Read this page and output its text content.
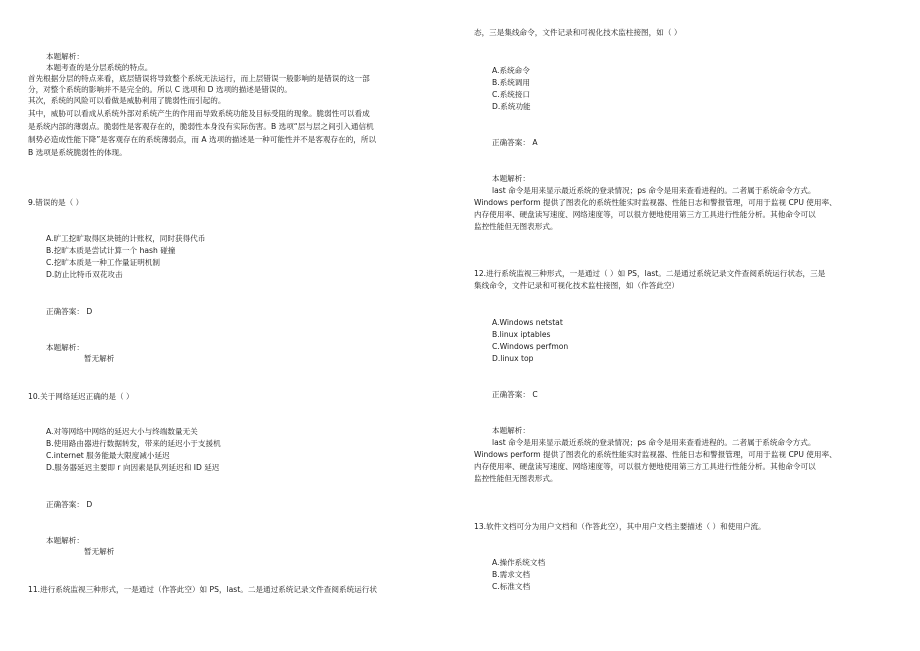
本题解析：
本题考查的是分层系统的特点。
首先根据分层的特点来看，底层错误将导致整个系统无法运行，而上层错误一般影响的是错误的这一部
分，对整个系统的影响并不是完全的。所以 C 选项和 D 选项的描述是错误的。
其次，系统的风险可以看做是威胁利用了脆弱性而引起的。
其中，威胁可以看成从系统外部对系统产生的作用而导致系统功能及目标受阻的现象。脆弱性可以看成
是系统内部的薄弱点。脆弱性是客观存在的，脆弱性本身没有实际伤害。B 选项“层与层之间引入通信机
制势必造成性能下降”是客观存在的系统薄弱点，而 A 选项的描述是一种可能性并不是客观存在的，所以
B 选项是系统脆弱性的体现。
9.错误的是（ ）
A.旷工挖旷取得区块链的计账权，同时获得代币
B.挖旷本质是尝试计算一个 hash 碰撞
C.挖旷本质是一种工作量证明机制
D.防止比特币双花攻击
正确答案： D
本题解析：
暂无解析
10.关于网络延迟正确的是（ ）
A.对等网络中网络的延迟大小与终端数量无关
B.使用路由器进行数据转发，带来的延迟小于支援机
C.internet 服务能最大限度减小延迟
D.服务器延迟主要即 r 向因素是队列延迟和 ID 延迟
正确答案： D
本题解析：
暂无解析
11.进行系统监视三种形式，一是通过（作答此空）如 PS，last。二是通过系统记录文件查阅系统运行状
态，三是集线命令，文件记录和可视化技术监柱接图，如（ ）
A.系统命令
B.系统调用
C.系统接口
D.系统功能
正确答案： A
本题解析：
last 命令是用来显示最近系统的登录情况；ps 命令是用来查看进程的。二者属于系统命令方式。
Windows perform 提供了图表化的系统性能实时监视器、性能日志和警报管理，可用于监视 CPU 使用率、
内存使用率、硬盘读写速度、网络速度等，可以很方便地使用第三方工具进行性能分析。其他命令可以
监控性能但无图表形式。
12.进行系统监视三种形式，一是通过（ ）如 PS，last。二是通过系统记录文件查阅系统运行状态，三是
集线命令，文件记录和可视化技术监柱接图，如（作答此空）
A.Windows netstat
B.linux iptables
C.Windows perfmon
D.linux top
正确答案： C
本题解析：
last 命令是用来显示最近系统的登录情况；ps 命令是用来查看进程的。二者属于系统命令方式。
Windows perform 提供了图表化的系统性能实时监视器、性能日志和警报管理，可用于监视 CPU 使用率、
内存使用率、硬盘读写速度、网络速度等，可以很方便地使用第三方工具进行性能分析。其他命令可以
监控性能但无图表形式。
13.软件文档可分为用户文档和（作答此空），其中用户文档主要描述（ ）和使用户流。
A.操作系统文档
B.需求文档
C.标准文档
